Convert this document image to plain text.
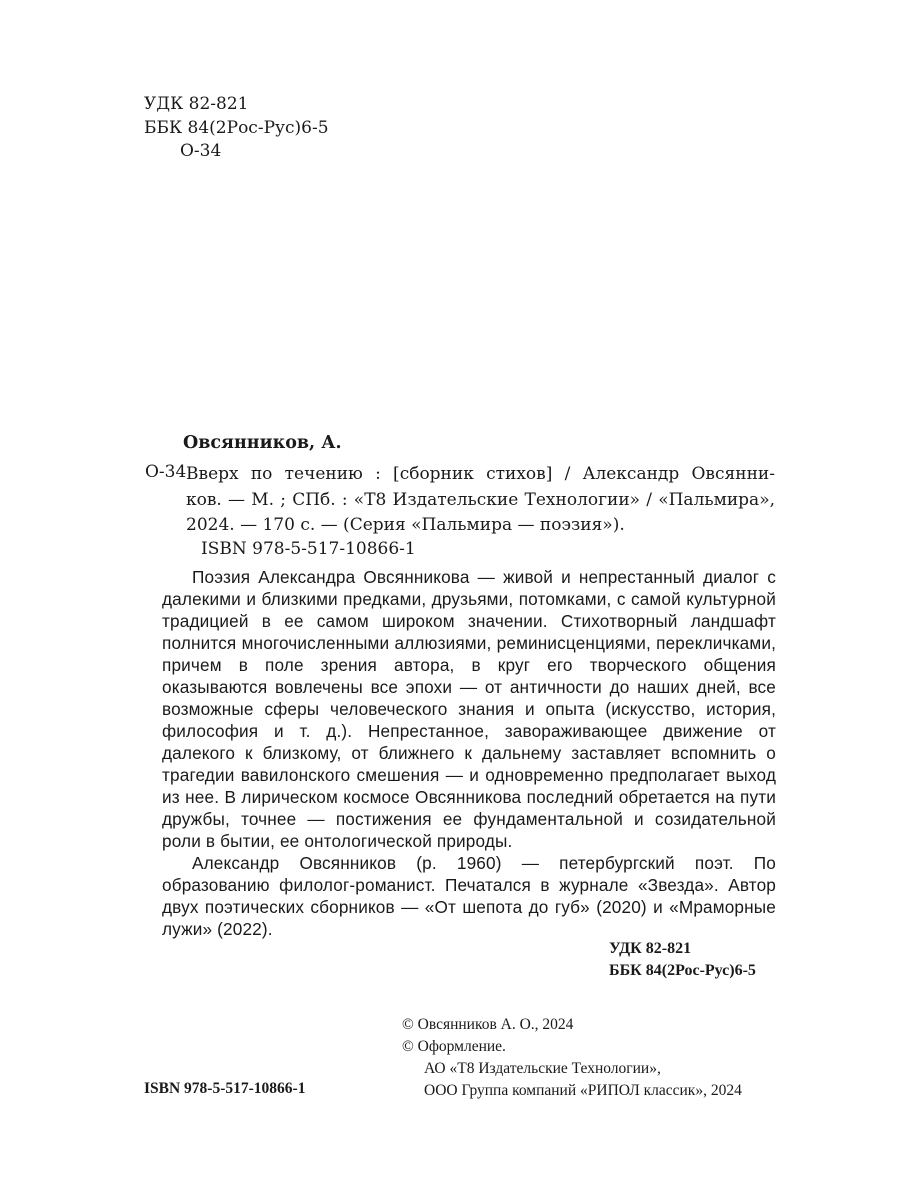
УДК 82-821
ББК 84(2Рос-Рус)6-5
О-34
Овсянников, А.
О-34 Вверх по течению : [сборник стихов] / Александр Овсянни-
ков. — М. ; СПб. : «Т8 Издательские Технологии» / «Пальмира», 2024. — 170 с. — (Серия «Пальмира — поэзия»).
ISBN 978-5-517-10866-1

Поэзия Александра Овсянникова — живой и непрестанный диалог с далекими и близкими предками, друзьями, потомками, с самой культурной традицией в ее самом широком значении. Стихотворный ландшафт полнится многочисленными аллюзиями, реминисценциями, перекличками, причем в поле зрения автора, в круг его творческого общения оказываются вовлечены все эпохи — от античности до наших дней, все возможные сферы человеческого знания и опыта (искусство, история, философия и т. д.). Непрестанное, завораживающее движение от далекого к близкому, от ближнего к дальнему заставляет вспомнить о трагедии вавилонского смешения — и одновременно предполагает выход из нее. В лирическом космосе Овсянникова последний обретается на пути дружбы, точнее — постижения ее фундаментальной и созидательной роли в бытии, ее онтологической природы.

Александр Овсянников (р. 1960) — петербургский поэт. По образованию филолог-романист. Печатался в журнале «Звезда». Автор двух поэтических сборников — «От шепота до губ» (2020) и «Мраморные лужи» (2022).

УДК 82-821
ББК 84(2Рос-Рус)6-5
© Овсянников А. О., 2024
© Оформление.
АО «Т8 Издательские Технологии»,
ООО Группа компаний «РИПОЛ классик», 2024
ISBN 978-5-517-10866-1
